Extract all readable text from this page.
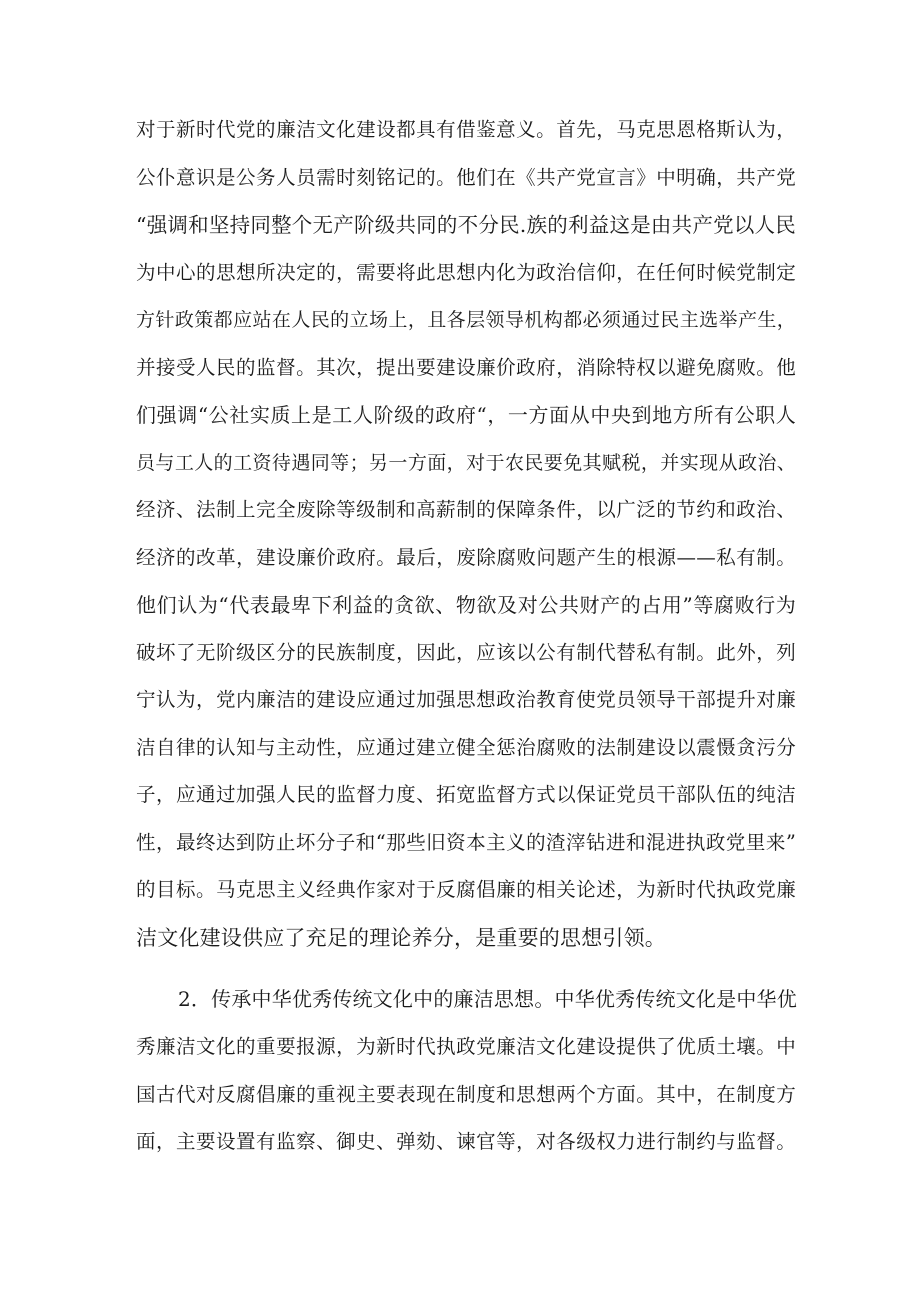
对于新时代党的廉洁文化建设都具有借鉴意义。首先，马克思恩格斯认为，
公仆意识是公务人员需时刻铭记的。他们在《共产党宣言》中明确，共产党
“强调和坚持同整个无产阶级共同的不分民.族的利益这是由共产党以人民
为中心的思想所决定的，需要将此思想内化为政治信仰，在任何时候党制定
方针政策都应站在人民的立场上，且各层领导机构都必须通过民主选举产生，
并接受人民的监督。其次，提出要建设廉价政府，消除特权以避免腐败。他
们强调“公社实质上是工人阶级的政府“，一方面从中央到地方所有公职人
员与工人的工资待遇同等；另一方面，对于农民要免其赋税，并实现从政治、
经济、法制上完全废除等级制和高薪制的保障条件，以广泛的节约和政治、
经济的改革，建设廉价政府。最后，废除腐败问题产生的根源——私有制。
他们认为“代表最卑下利益的贪欲、物欲及对公共财产的占用”等腐败行为
破坏了无阶级区分的民族制度，因此，应该以公有制代替私有制。此外，列
宁认为，党内廉洁的建设应通过加强思想政治教育使党员领导干部提升对廉
洁自律的认知与主动性，应通过建立健全惩治腐败的法制建设以震慑贪污分
子，应通过加强人民的监督力度、拓宽监督方式以保证党员干部队伍的纯洁
性，最终达到防止坏分子和“那些旧资本主义的渣滓钻进和混进执政党里来”
的目标。马克思主义经典作家对于反腐倡廉的相关论述，为新时代执政党廉
洁文化建设供应了充足的理论养分，是重要的思想引领。
2．传承中华优秀传统文化中的廉洁思想。中华优秀传统文化是中华优
秀廉洁文化的重要报源，为新时代执政党廉洁文化建设提供了优质土壤。中
国古代对反腐倡廉的重视主要表现在制度和思想两个方面。其中，在制度方
面，主要设置有监察、御史、弹劾、谏官等，对各级权力进行制约与监督。
